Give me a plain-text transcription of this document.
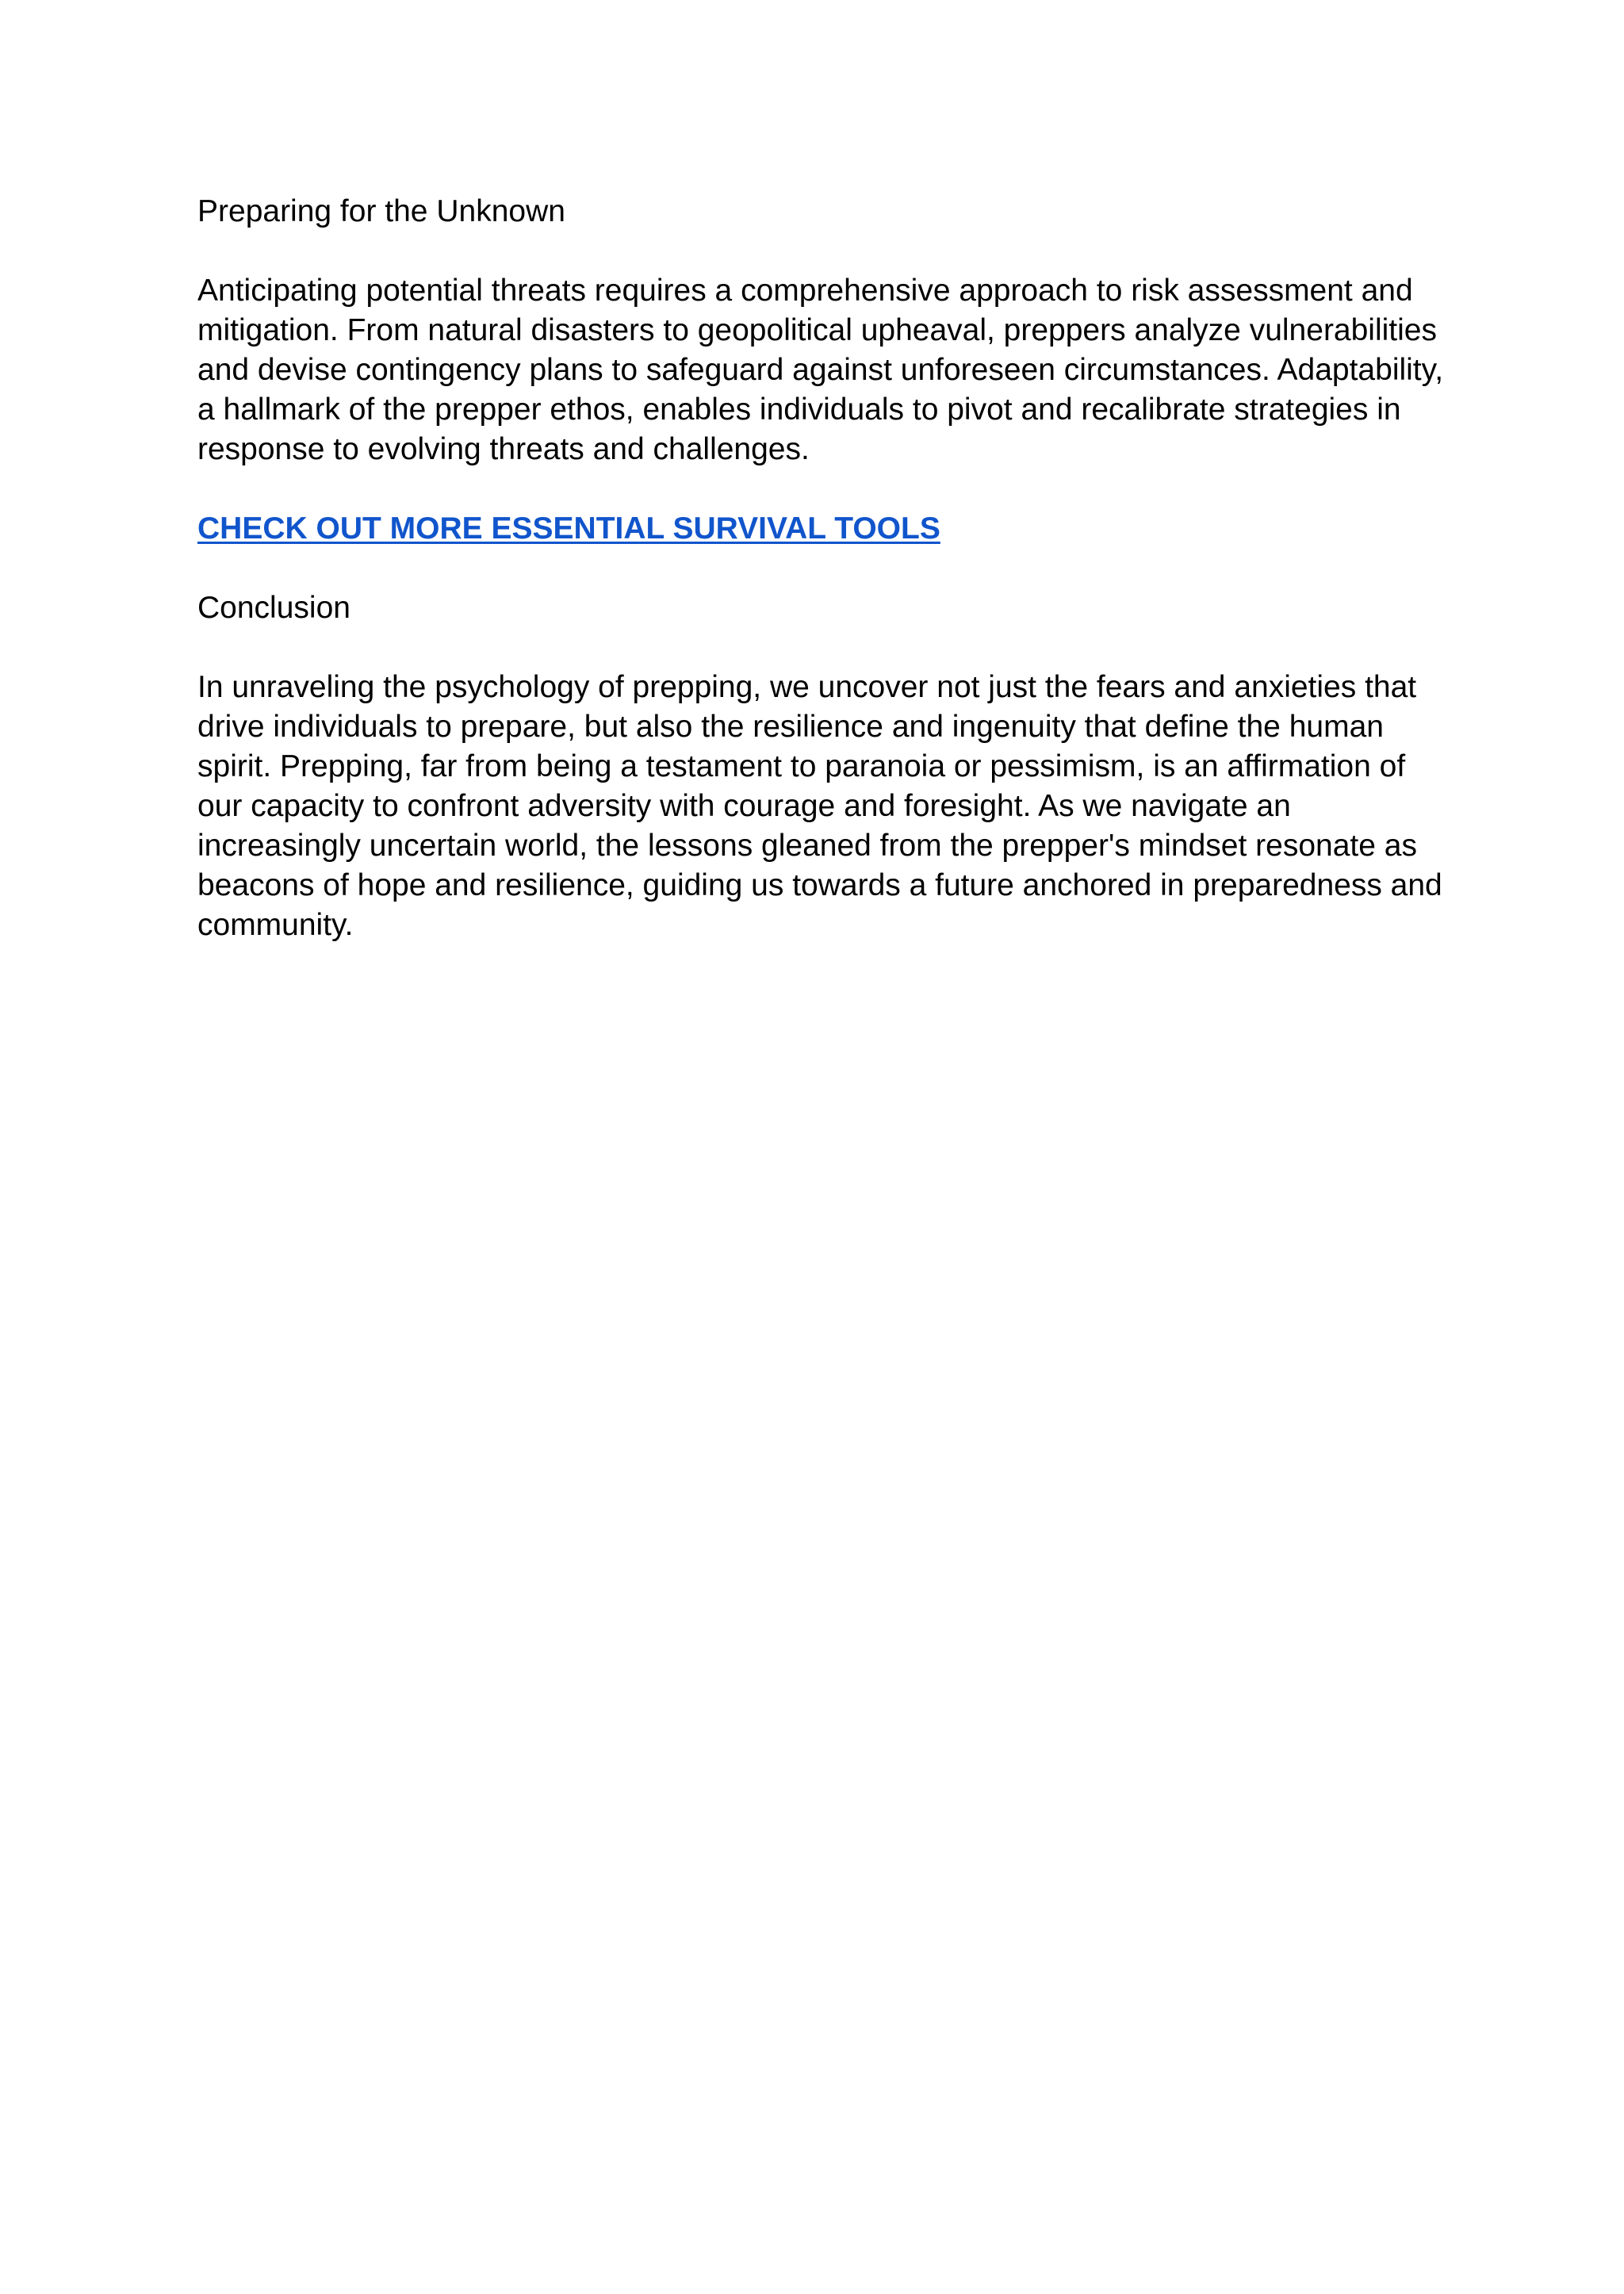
Preparing for the Unknown

Anticipating potential threats requires a comprehensive approach to risk assessment and mitigation. From natural disasters to geopolitical upheaval, preppers analyze vulnerabilities and devise contingency plans to safeguard against unforeseen circumstances. Adaptability, a hallmark of the prepper ethos, enables individuals to pivot and recalibrate strategies in response to evolving threats and challenges.

CHECK OUT MORE ESSENTIAL SURVIVAL TOOLS

Conclusion

In unraveling the psychology of prepping, we uncover not just the fears and anxieties that drive individuals to prepare, but also the resilience and ingenuity that define the human spirit. Prepping, far from being a testament to paranoia or pessimism, is an affirmation of our capacity to confront adversity with courage and foresight. As we navigate an increasingly uncertain world, the lessons gleaned from the prepper's mindset resonate as beacons of hope and resilience, guiding us towards a future anchored in preparedness and community.
